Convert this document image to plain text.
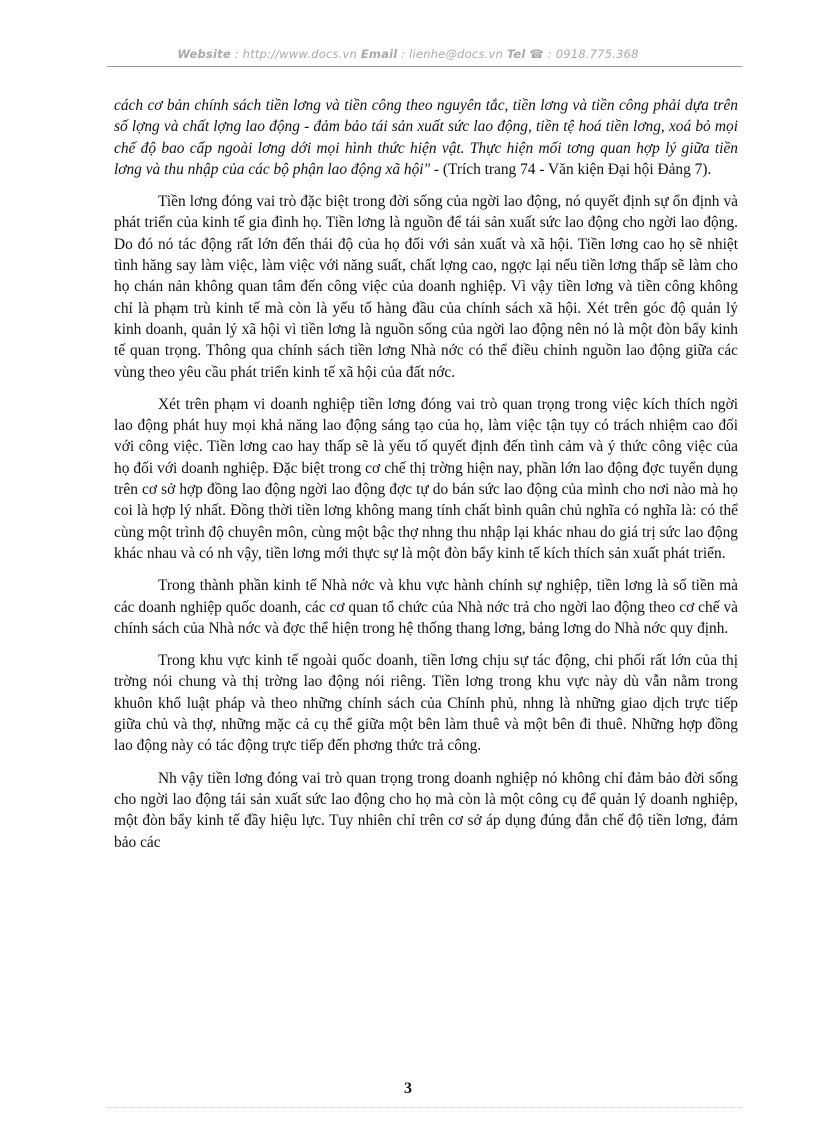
Website : http://www.docs.vn Email : lienhe@docs.vn Tel ☎ : 0918.775.368

cách cơ bản chính sách tiền lơng và tiền công theo nguyên tắc, tiền lơng và tiền công phải dựa trên số lợng và chất lợng lao động - đảm bảo tái sản xuất sức lao động, tiền tệ hoá tiền lơng, xoá bỏ mọi chế độ bao cấp ngoài lơng dới mọi hình thức hiện vật. Thực hiện mối tơng quan hợp lý giữa tiền lơng và thu nhập của các bộ phận lao động xã hội" - (Trích trang 74 - Văn kiện Đại hội Đảng 7).

Tiền lơng đóng vai trò đặc biệt trong đời sống của ngời lao động, nó quyết định sự ổn định và phát triển của kinh tế gia đình họ. Tiền lơng là nguồn để tái sản xuất sức lao động cho ngời lao động. Do đó nó tác động rất lớn đến thái độ của họ đối với sản xuất và xã hội. Tiền lơng cao họ sẽ nhiệt tình hăng say làm việc, làm việc với năng suất, chất lợng cao, ngợc lại nếu tiền lơng thấp sẽ làm cho họ chán nản không quan tâm đến công việc của doanh nghiệp. Vì vậy tiền lơng và tiền công không chỉ là phạm trù kinh tế mà còn là yếu tố hàng đầu của chính sách xã hội. Xét trên góc độ quản lý kinh doanh, quản lý xã hội vì tiền lơng là nguồn sống của ngời lao động nên nó là một đòn bẩy kinh tế quan trọng. Thông qua chính sách tiền lơng Nhà nớc có thể điều chỉnh nguồn lao động giữa các vùng theo yêu cầu phát triển kinh tế xã hội của đất nớc.

Xét trên phạm vi doanh nghiệp tiền lơng đóng vai trò quan trọng trong việc kích thích ngời lao động phát huy mọi khả năng lao động sáng tạo của họ, làm việc tận tụy có trách nhiệm cao đối với công việc. Tiền lơng cao hay thấp sẽ là yếu tố quyết định đến tình cảm và ý thức công việc của họ đối với doanh nghiệp. Đặc biệt trong cơ chế thị trờng hiện nay, phần lớn lao động đợc tuyển dụng trên cơ sở hợp đồng lao động ngời lao động đợc tự do bán sức lao động của mình cho nơi nào mà họ coi là hợp lý nhất. Đồng thời tiền lơng không mang tính chất bình quân chủ nghĩa có nghĩa là: có thể cùng một trình độ chuyên môn, cùng một bậc thợ nhng thu nhập lại khác nhau do giá trị sức lao động khác nhau và có nh vậy, tiền lơng mới thực sự là một đòn bẩy kinh tế kích thích sản xuất phát triển.

Trong thành phần kinh tế Nhà nớc và khu vực hành chính sự nghiệp, tiền lơng là số tiền mà các doanh nghiệp quốc doanh, các cơ quan tổ chức của Nhà nớc trả cho ngời lao động theo cơ chế và chính sách của Nhà nớc và đợc thể hiện trong hệ thống thang lơng, bảng lơng do Nhà nớc quy định.

Trong khu vực kinh tế ngoài quốc doanh, tiền lơng chịu sự tác động, chi phối rất lớn của thị trờng nói chung và thị trờng lao động nói riêng. Tiền lơng trong khu vực này dù vẫn nằm trong khuôn khổ luật pháp và theo những chính sách của Chính phủ, nhng là những giao dịch trực tiếp giữa chủ và thợ, những mặc cả cụ thể giữa một bên làm thuê và một bên đi thuê. Những hợp đồng lao động này có tác động trực tiếp đến phơng thức trả công.

Nh vậy tiền lơng đóng vai trò quan trọng trong doanh nghiệp nó không chỉ đảm bảo đời sống cho ngời lao động tái sản xuất sức lao động cho họ mà còn là một công cụ để quản lý doanh nghiệp, một đòn bẩy kinh tế đầy hiệu lực. Tuy nhiên chỉ trên cơ sở áp dụng đúng đắn chế độ tiền lơng, đảm bảo các

3
